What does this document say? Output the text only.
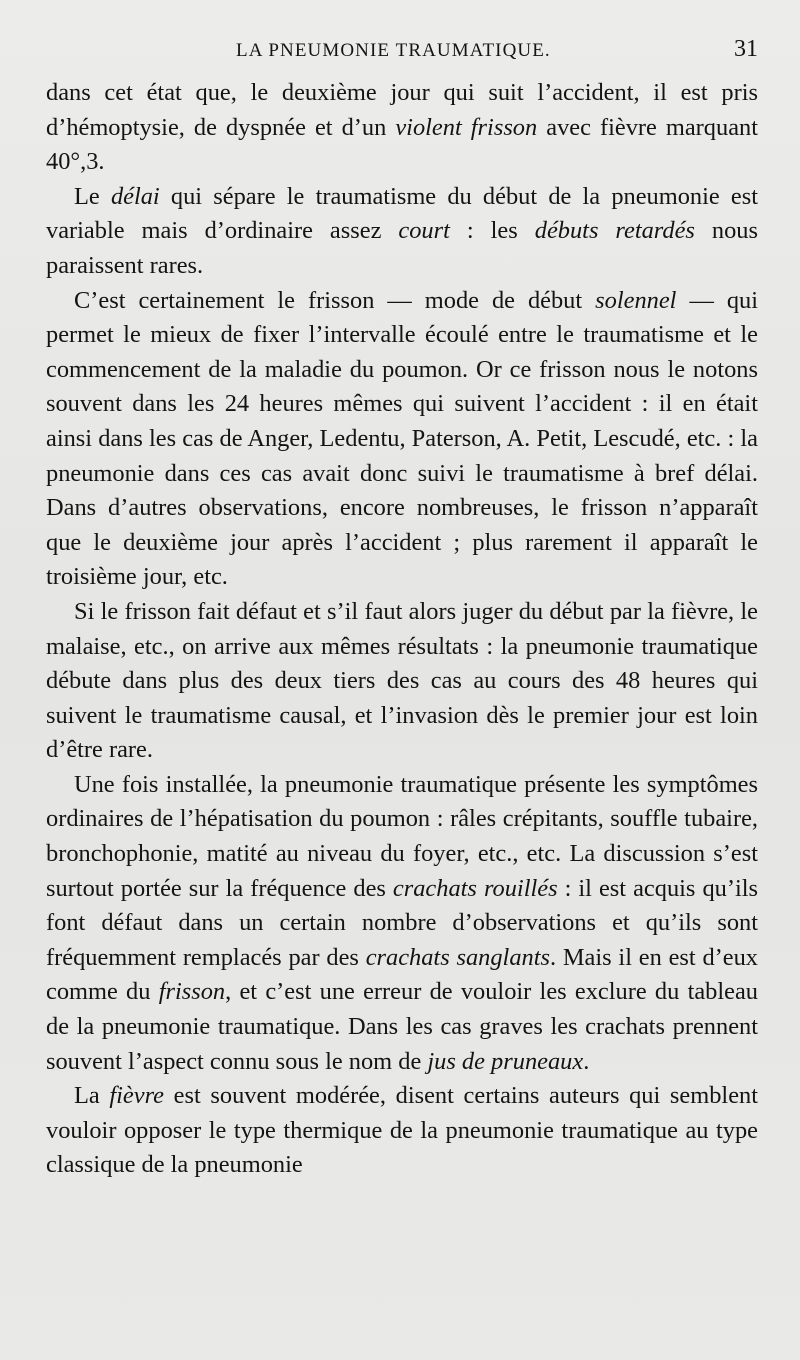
LA PNEUMONIE TRAUMATIQUE.	31

dans cet état que, le deuxième jour qui suit l’accident, il est pris d’hémoptysie, de dyspnée et d’un violent frisson avec fièvre marquant 40°,3.

Le délai qui sépare le traumatisme du début de la pneumonie est variable mais d’ordinaire assez court : les débuts retardés nous paraissent rares.

C’est certainement le frisson — mode de début solennel — qui permet le mieux de fixer l’intervalle écoulé entre le traumatisme et le commencement de la maladie du poumon. Or ce frisson nous le notons souvent dans les 24 heures mêmes qui suivent l’accident : il en était ainsi dans les cas de Anger, Ledentu, Paterson, A. Petit, Lescudé, etc. : la pneumonie dans ces cas avait donc suivi le traumatisme à bref délai. Dans d’autres observations, encore nombreuses, le frisson n’apparaît que le deuxième jour après l’accident ; plus rarement il apparaît le troisième jour, etc.

Si le frisson fait défaut et s’il faut alors juger du début par la fièvre, le malaise, etc., on arrive aux mêmes résultats : la pneumonie traumatique débute dans plus des deux tiers des cas au cours des 48 heures qui suivent le traumatisme causal, et l’invasion dès le premier jour est loin d’être rare.

Une fois installée, la pneumonie traumatique présente les symptômes ordinaires de l’hépatisation du poumon : râles crépitants, souffle tubaire, bronchophonie, matité au niveau du foyer, etc., etc. La discussion s’est surtout portée sur la fréquence des crachats rouillés : il est acquis qu’ils font défaut dans un certain nombre d’observations et qu’ils sont fréquemment remplacés par des crachats sanglants. Mais il en est d’eux comme du frisson, et c’est une erreur de vouloir les exclure du tableau de la pneumonie traumatique. Dans les cas graves les crachats prennent souvent l’aspect connu sous le nom de jus de pruneaux.

La fièvre est souvent modérée, disent certains auteurs qui semblent vouloir opposer le type thermique de la pneumonie traumatique au type classique de la pneumonie
